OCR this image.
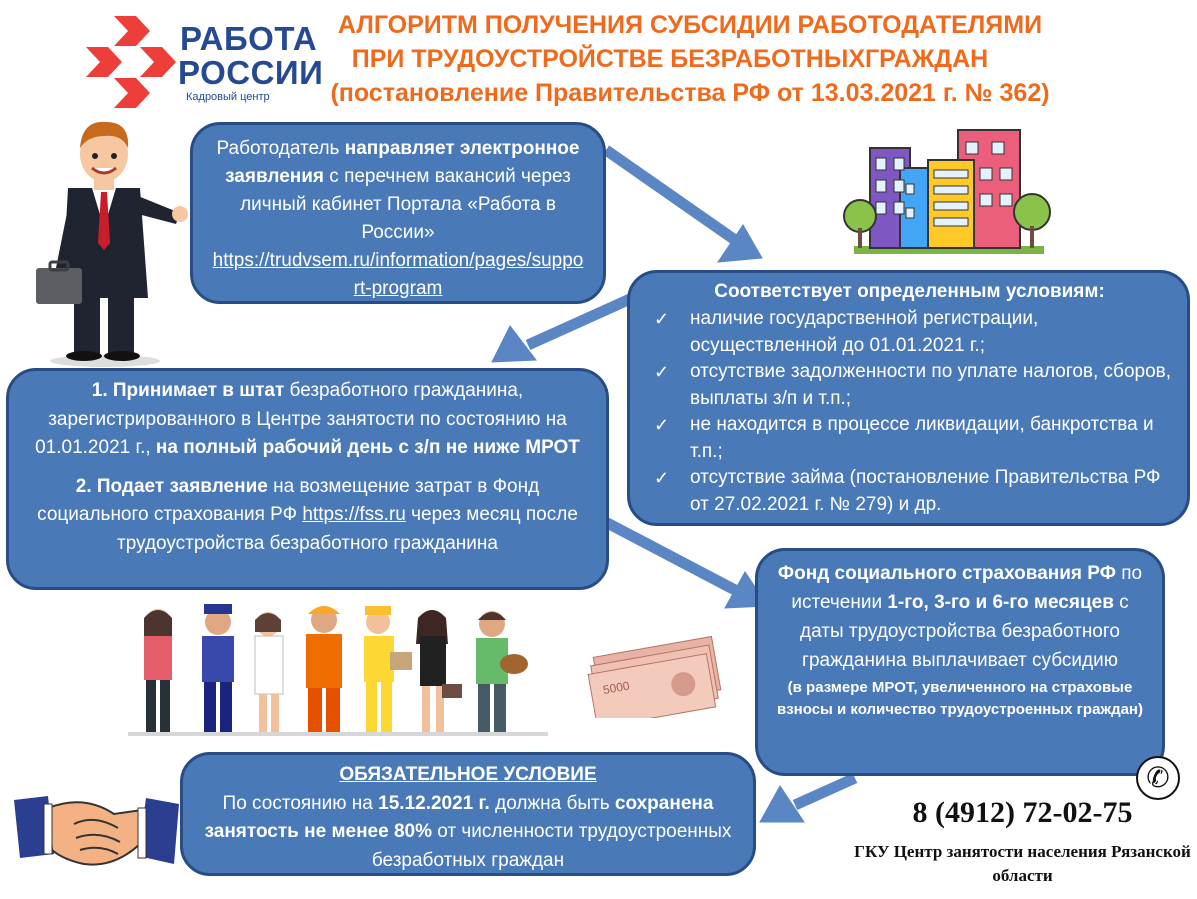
РАБОТА
РОССИИ
Кадровый центр
АЛГОРИТМ ПОЛУЧЕНИЯ СУБСИДИИ РАБОТОДАТЕЛЯМИ
ПРИ ТРУДОУСТРОЙСТВЕ БЕЗРАБОТНЫХГРАЖДАН
(постановление Правительства РФ от 13.03.2021 г. № 362)
Работодатель направляет электронное заявления с перечнем вакансий через личный кабинет Портала «Работа в России»
https://trudvsem.ru/information/pages/support-program	Соответствует определенным условиям:
✓ наличие государственной регистрации, осуществленной до 01.01.2021 г.;
✓ отсутствие задолженности по уплате налогов, сборов, выплаты з/п и т.п.;
✓ не находится в процессе ликвидации, банкротства и т.п.;
✓ отсутствие займа (постановление Правительства РФ от 27.02.2021 г. № 279) и др.
1. Принимает в штат безработного гражданина, зарегистрированного в Центре занятости по состоянию на 01.01.2021 г., на полный рабочий день с з/п не ниже МРОТ
2. Подает заявление на возмещение затрат в Фонд социального страхования РФ https://fss.ru через месяц после трудоустройства безработного гражданина
5000
Фонд социального страхования РФ по истечении 1-го, 3-го и 6-го месяцев с даты трудоустройства безработного гражданина выплачивает субсидию
(в размере МРОТ, увеличенного на страховые взносы и количество трудоустроенных граждан)
ОБЯЗАТЕЛЬНОЕ УСЛОВИЕ
По состоянию на 15.12.2021 г. должна быть сохранена занятость не менее 80% от численности трудоустроенных безработных граждан
✆
8 (4912) 72-02-75
ГКУ Центр занятости населения Рязанской области
